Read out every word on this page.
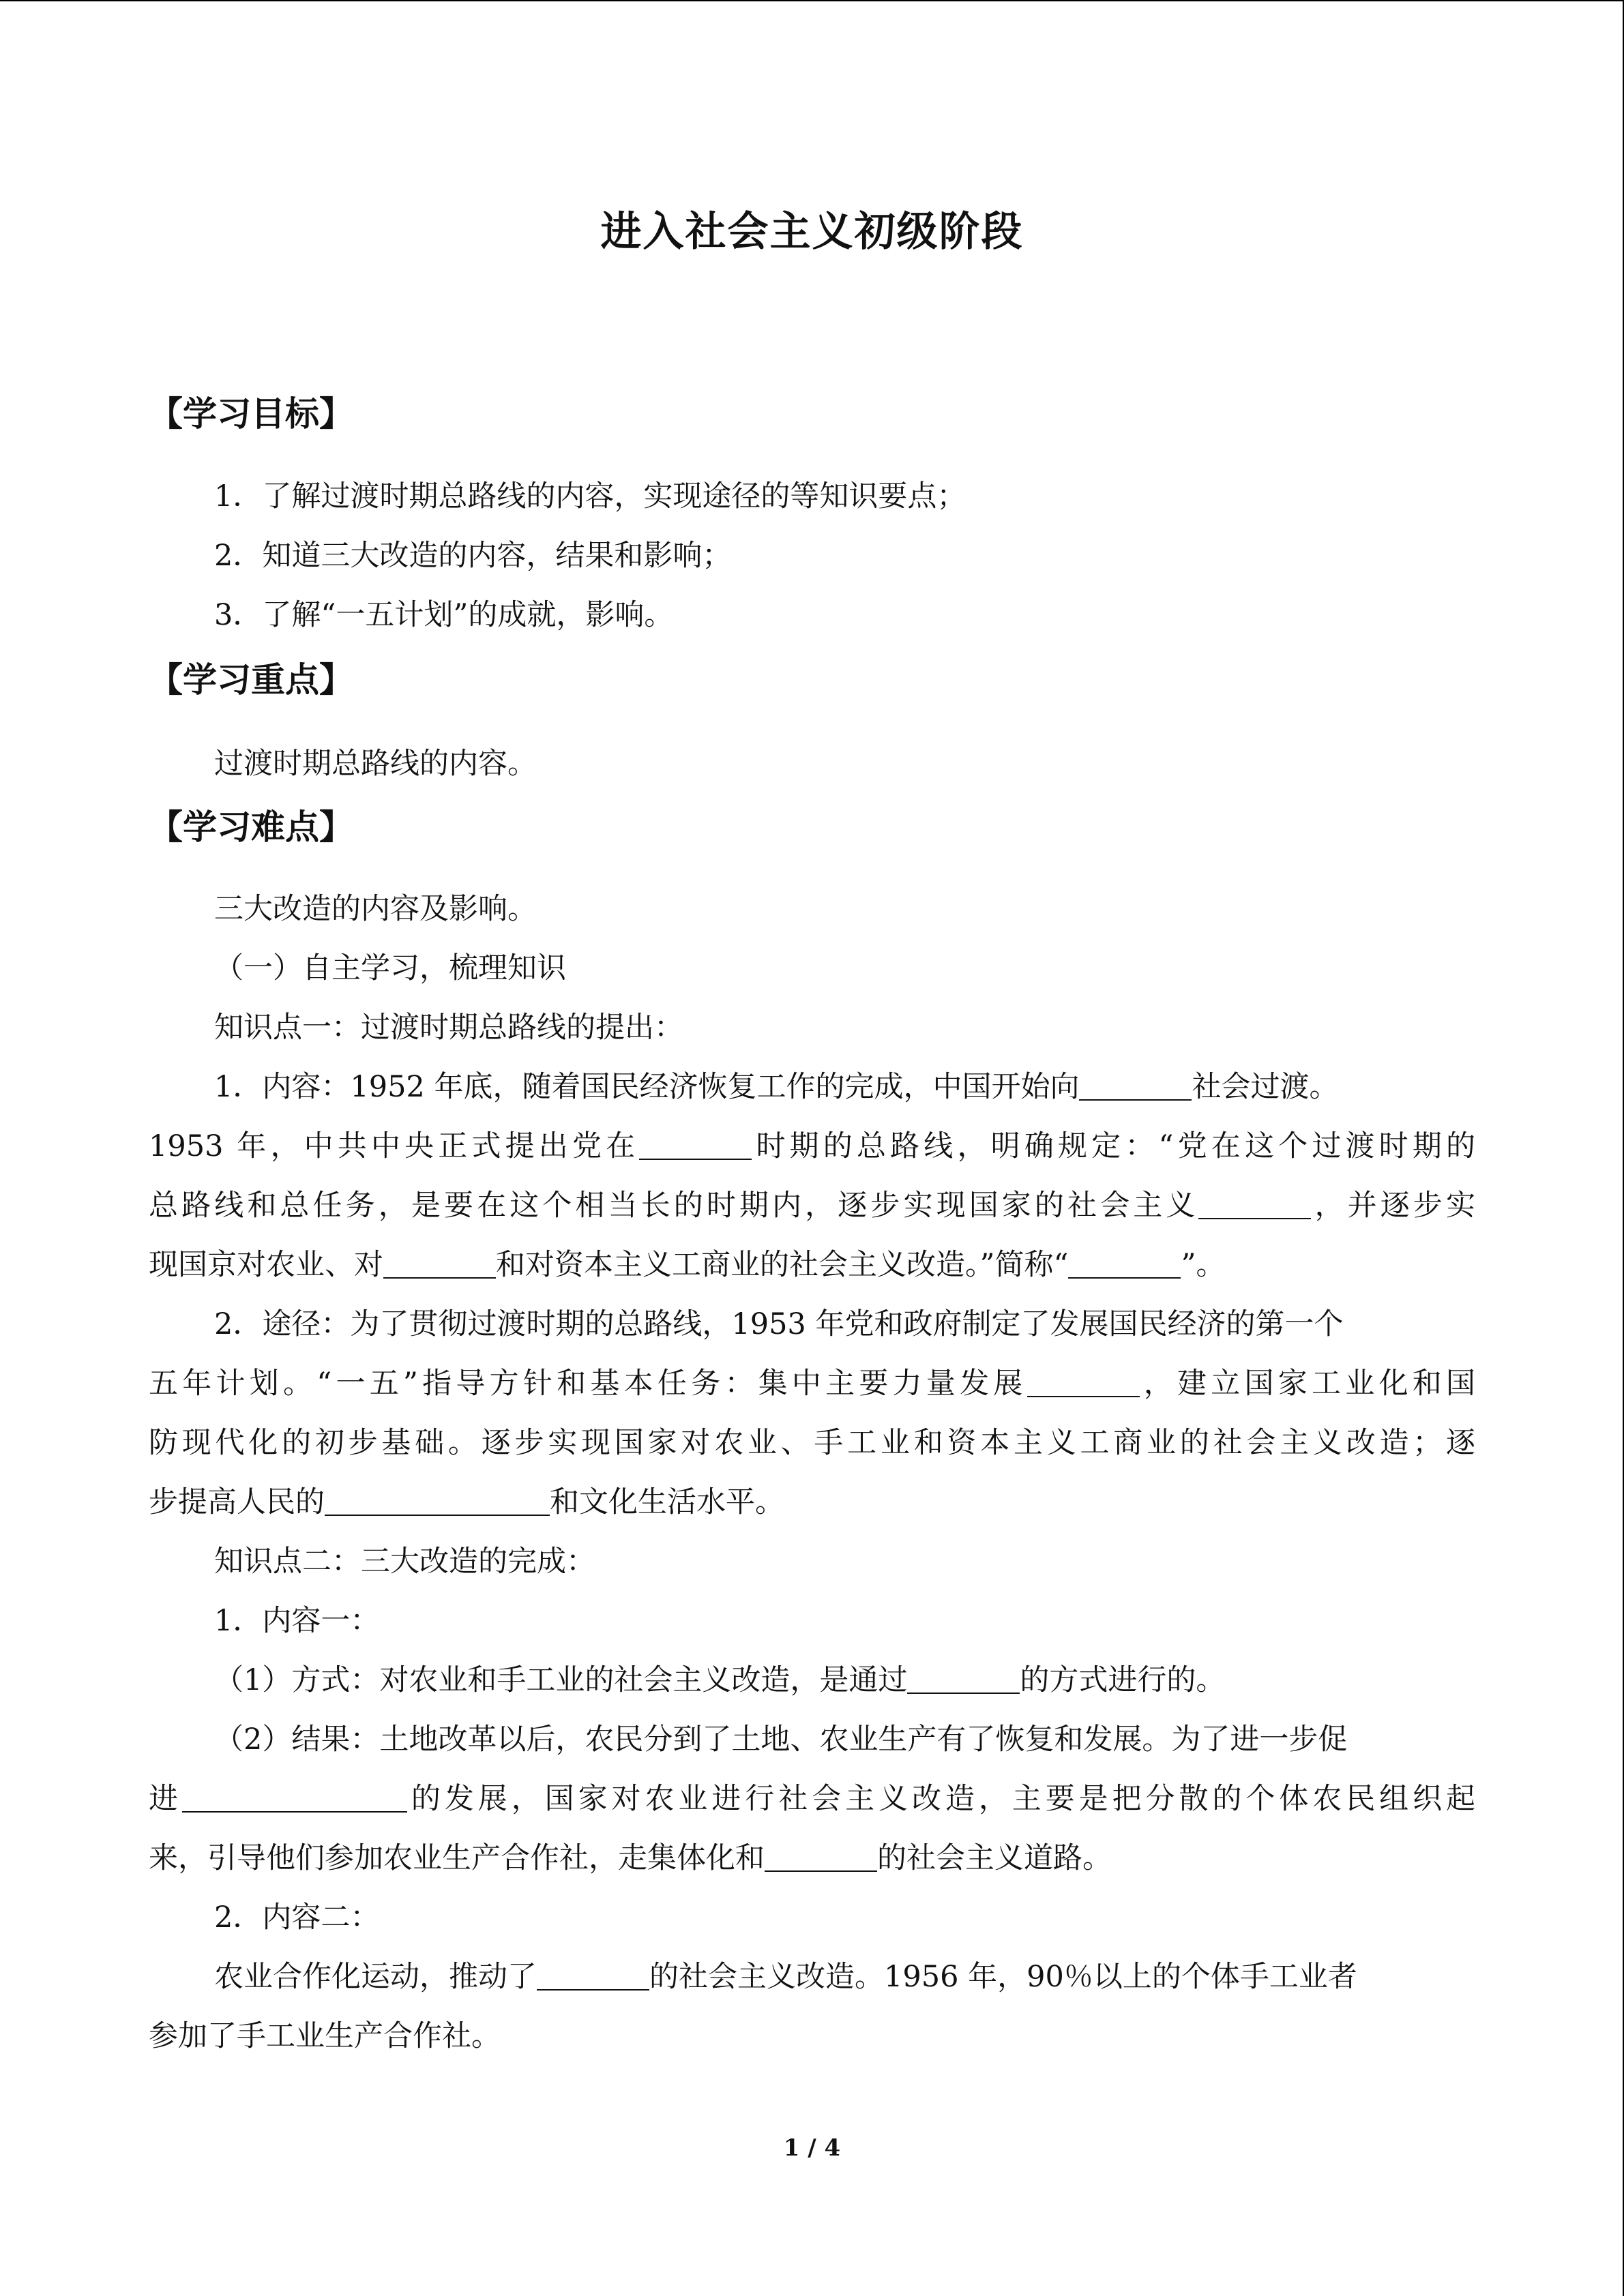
进入社会主义初级阶段
【学习目标】
1．了解过渡时期总路线的内容，实现途径的等知识要点；
2．知道三大改造的内容，结果和影响；
3．了解“一五计划”的成就，影响。
【学习重点】
过渡时期总路线的内容。
【学习难点】
三大改造的内容及影响。
（一）自主学习，梳理知识
知识点一：过渡时期总路线的提出：
1．内容：1952 年底，随着国民经济恢复工作的完成，中国开始向	社会过渡。
1953 年，中共中央正式提出党在	时期的总路线，明确规定：“党在这个过渡时期的
总路线和总任务，是要在这个相当长的时期内，逐步实现国家的社会主义	，并逐步实
现国京对农业、对	和对资本主义工商业的社会主义改造。”简称“	”。
2．途径：为了贯彻过渡时期的总路线，1953 年党和政府制定了发展国民经济的第一个
五年计划。“一五”指导方针和基本任务：集中主要力量发展	，建立国家工业化和国
防现代化的初步基础。逐步实现国家对农业、手工业和资本主义工商业的社会主义改造；逐
步提高人民的	和文化生活水平。
知识点二：三大改造的完成：
1．内容一：
（1）方式：对农业和手工业的社会主义改造，是通过	的方式进行的。
（2）结果：土地改革以后，农民分到了土地、农业生产有了恢复和发展。为了进一步促
进	的发展，国家对农业进行社会主义改造，主要是把分散的个体农民组织起
来，引导他们参加农业生产合作社，走集体化和	的社会主义道路。
2．内容二：
农业合作化运动，推动了	的社会主义改造。1956 年，90％以上的个体手工业者
参加了手工业生产合作社。
1 / 4
